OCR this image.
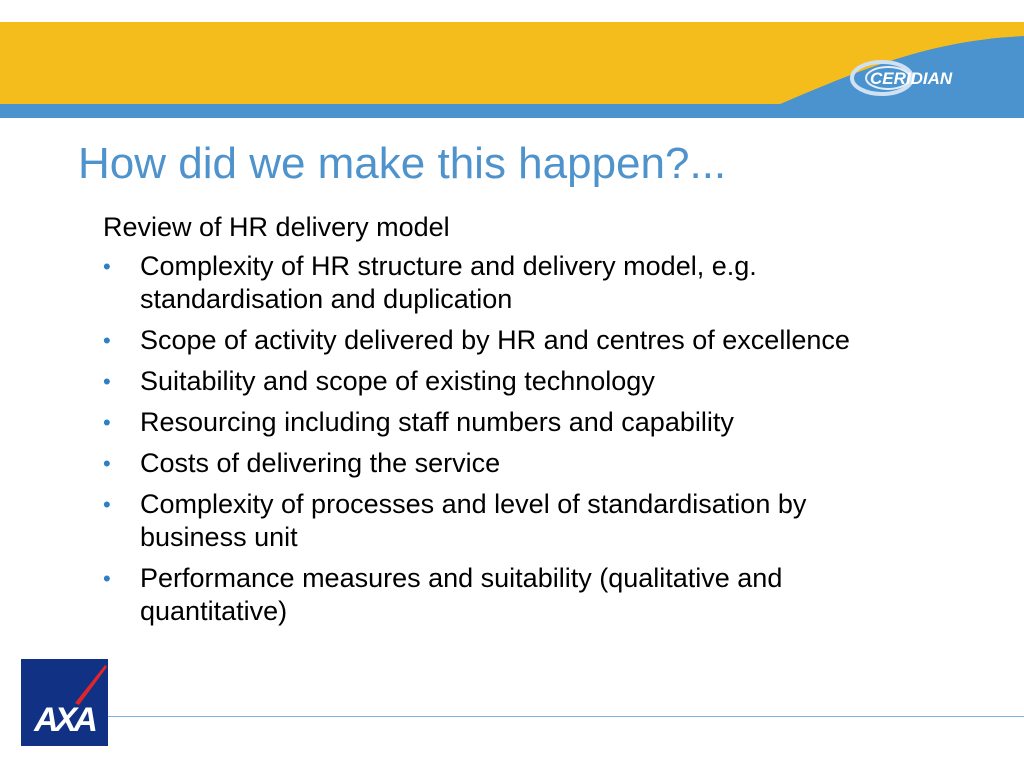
CERIDIAN
How did we make this happen?...

Review of HR delivery model

• Complexity of HR structure and delivery model, e.g. standardisation and duplication
• Scope of activity delivered by HR and centres of excellence
• Suitability and scope of existing technology
• Resourcing including staff numbers and capability
• Costs of delivering the service
• Complexity of processes and level of standardisation by business unit
• Performance measures and suitability (qualitative and quantitative)
AXA
